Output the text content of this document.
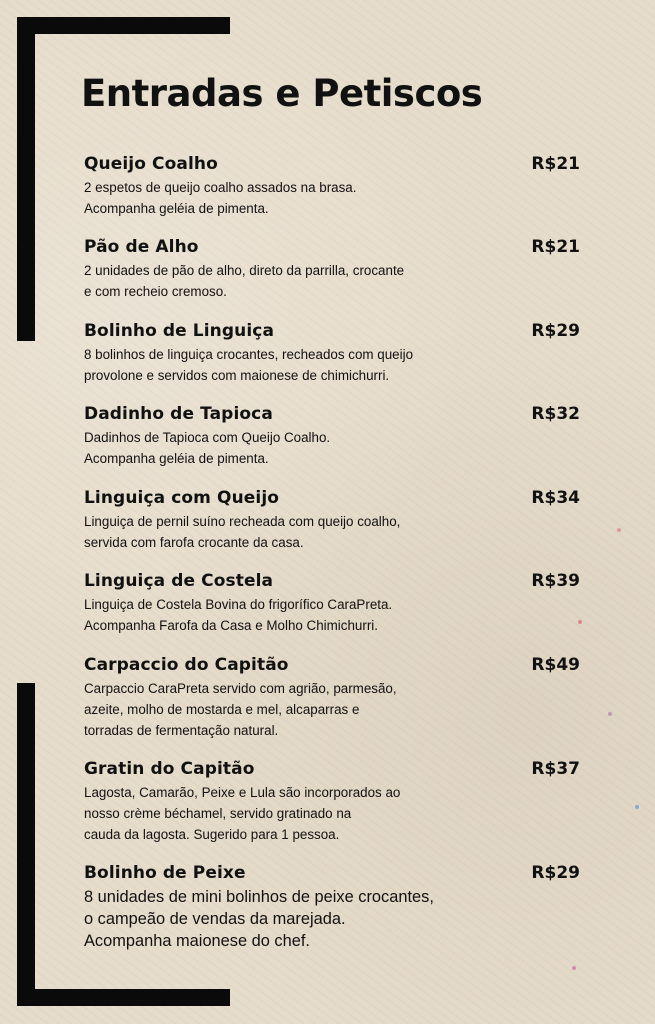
Entradas e Petiscos
Queijo Coalho	R$21
2 espetos de queijo coalho assados na brasa.
Acompanha geléia de pimenta.
Pão de Alho	R$21
2 unidades de pão de alho, direto da parrilla, crocante
e com recheio cremoso.
Bolinho de Linguiça	R$29
8 bolinhos de linguiça crocantes, recheados com queijo
provolone e servidos com maionese de chimichurri.
Dadinho de Tapioca	R$32
Dadinhos de Tapioca com Queijo Coalho.
Acompanha geléia de pimenta.
Linguiça com Queijo	R$34
Linguiça de pernil suíno recheada com queijo coalho,
servida com farofa crocante da casa.
Linguiça de Costela	R$39
Linguiça de Costela Bovina do frigorífico CaraPreta.
Acompanha Farofa da Casa e Molho Chimichurri.
Carpaccio do Capitão	R$49
Carpaccio CaraPreta servido com agrião, parmesão,
azeite, molho de mostarda e mel, alcaparras e
torradas de fermentação natural.
Gratin do Capitão	R$37
Lagosta, Camarão, Peixe e Lula são incorporados ao
nosso crème béchamel, servido gratinado na
cauda da lagosta. Sugerido para 1 pessoa.
Bolinho de Peixe	R$29
8 unidades de mini bolinhos de peixe crocantes,
o campeão de vendas da marejada.
Acompanha maionese do chef.
